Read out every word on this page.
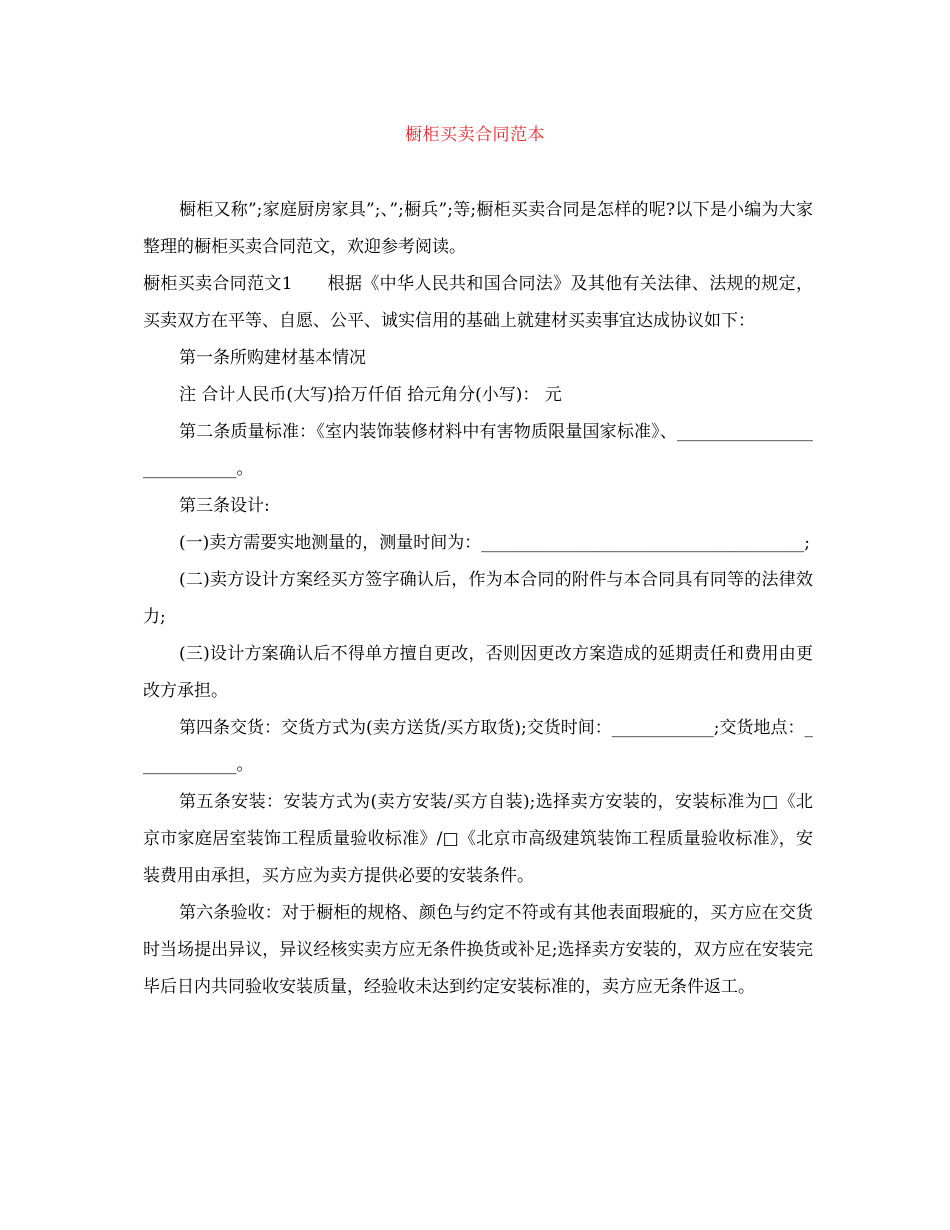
橱柜买卖合同范本

橱柜又称”;家庭厨房家具”;、”;橱兵”;等;橱柜买卖合同是怎样的呢?以下是小编为大家整理的橱柜买卖合同范文，欢迎参考阅读。

橱柜买卖合同范文1　　根据《中华人民共和国合同法》及其他有关法律、法规的规定，买卖双方在平等、自愿、公平、诚实信用的基础上就建材买卖事宜达成协议如下：

第一条所购建材基本情况

注 合计人民币(大写)拾万仟佰 拾元角分(小写)： 元

第二条质量标准：《室内装饰装修材料中有害物质限量国家标准》、___________________________。

第三条设计:

(一)卖方需要实地测量的，测量时间为：______________________________________;

(二)卖方设计方案经买方签字确认后，作为本合同的附件与本合同具有同等的法律效力;

(三)设计方案确认后不得单方擅自更改，否则因更改方案造成的延期责任和费用由更改方承担。

第四条交货：交货方式为(卖方送货/买方取货);交货时间：____________;交货地点：____________。

第五条安装：安装方式为(卖方安装/买方自装);选择卖方安装的，安装标准为□《北京市家庭居室装饰工程质量验收标准》/□《北京市高级建筑装饰工程质量验收标准》，安装费用由承担，买方应为卖方提供必要的安装条件。

第六条验收：对于橱柜的规格、颜色与约定不符或有其他表面瑕疵的，买方应在交货时当场提出异议，异议经核实卖方应无条件换货或补足;选择卖方安装的，双方应在安装完毕后日内共同验收安装质量，经验收未达到约定安装标准的，卖方应无条件返工。
